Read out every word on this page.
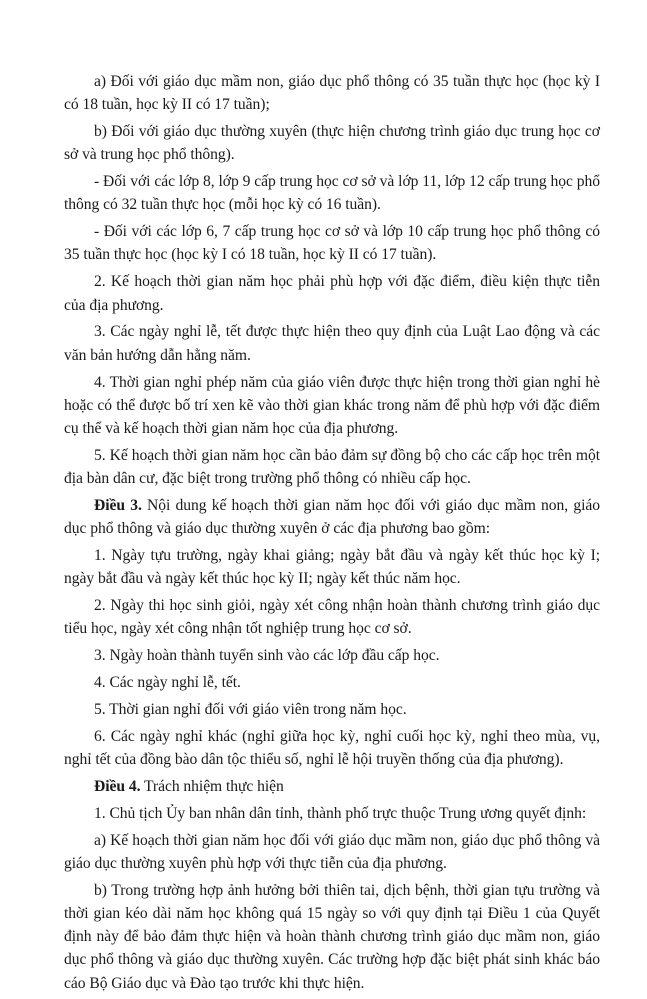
a) Đối với giáo dục mầm non, giáo dục phổ thông có 35 tuần thực học (học kỳ I có 18 tuần, học kỳ II có 17 tuần);

b) Đối với giáo dục thường xuyên (thực hiện chương trình giáo dục trung học cơ sở và trung học phổ thông).

- Đối với các lớp 8, lớp 9 cấp trung học cơ sở và lớp 11, lớp 12 cấp trung học phổ thông có 32 tuần thực học (mỗi học kỳ có 16 tuần).

- Đối với các lớp 6, 7 cấp trung học cơ sở và lớp 10 cấp trung học phổ thông có 35 tuần thực học (học kỳ I có 18 tuần, học kỳ II có 17 tuần).

2. Kế hoạch thời gian năm học phải phù hợp với đặc điểm, điều kiện thực tiễn của địa phương.

3. Các ngày nghỉ lễ, tết được thực hiện theo quy định của Luật Lao động và các văn bản hướng dẫn hằng năm.

4. Thời gian nghỉ phép năm của giáo viên được thực hiện trong thời gian nghỉ hè hoặc có thể được bố trí xen kẽ vào thời gian khác trong năm để phù hợp với đặc điểm cụ thể và kế hoạch thời gian năm học của địa phương.

5. Kế hoạch thời gian năm học cần bảo đảm sự đồng bộ cho các cấp học trên một địa bàn dân cư, đặc biệt trong trường phổ thông có nhiều cấp học.

Điều 3. Nội dung kế hoạch thời gian năm học đối với giáo dục mầm non, giáo dục phổ thông và giáo dục thường xuyên ở các địa phương bao gồm:

1. Ngày tựu trường, ngày khai giảng; ngày bắt đầu và ngày kết thúc học kỳ I; ngày bắt đầu và ngày kết thúc học kỳ II; ngày kết thúc năm học.

2. Ngày thi học sinh giỏi, ngày xét công nhận hoàn thành chương trình giáo dục tiểu học, ngày xét công nhận tốt nghiệp trung học cơ sở.

3. Ngày hoàn thành tuyển sinh vào các lớp đầu cấp học.

4. Các ngày nghỉ lễ, tết.

5. Thời gian nghỉ đối với giáo viên trong năm học.

6. Các ngày nghỉ khác (nghỉ giữa học kỳ, nghỉ cuối học kỳ, nghỉ theo mùa, vụ, nghỉ tết của đồng bào dân tộc thiểu số, nghỉ lễ hội truyền thống của địa phương).

Điều 4. Trách nhiệm thực hiện

1. Chủ tịch Ủy ban nhân dân tỉnh, thành phố trực thuộc Trung ương quyết định:

a) Kế hoạch thời gian năm học đối với giáo dục mầm non, giáo dục phổ thông và giáo dục thường xuyên phù hợp với thực tiễn của địa phương.

b) Trong trường hợp ảnh hưởng bởi thiên tai, dịch bệnh, thời gian tựu trường và thời gian kéo dài năm học không quá 15 ngày so với quy định tại Điều 1 của Quyết định này để bảo đảm thực hiện và hoàn thành chương trình giáo dục mầm non, giáo dục phổ thông và giáo dục thường xuyên. Các trường hợp đặc biệt phát sinh khác báo cáo Bộ Giáo dục và Đào tạo trước khi thực hiện.
